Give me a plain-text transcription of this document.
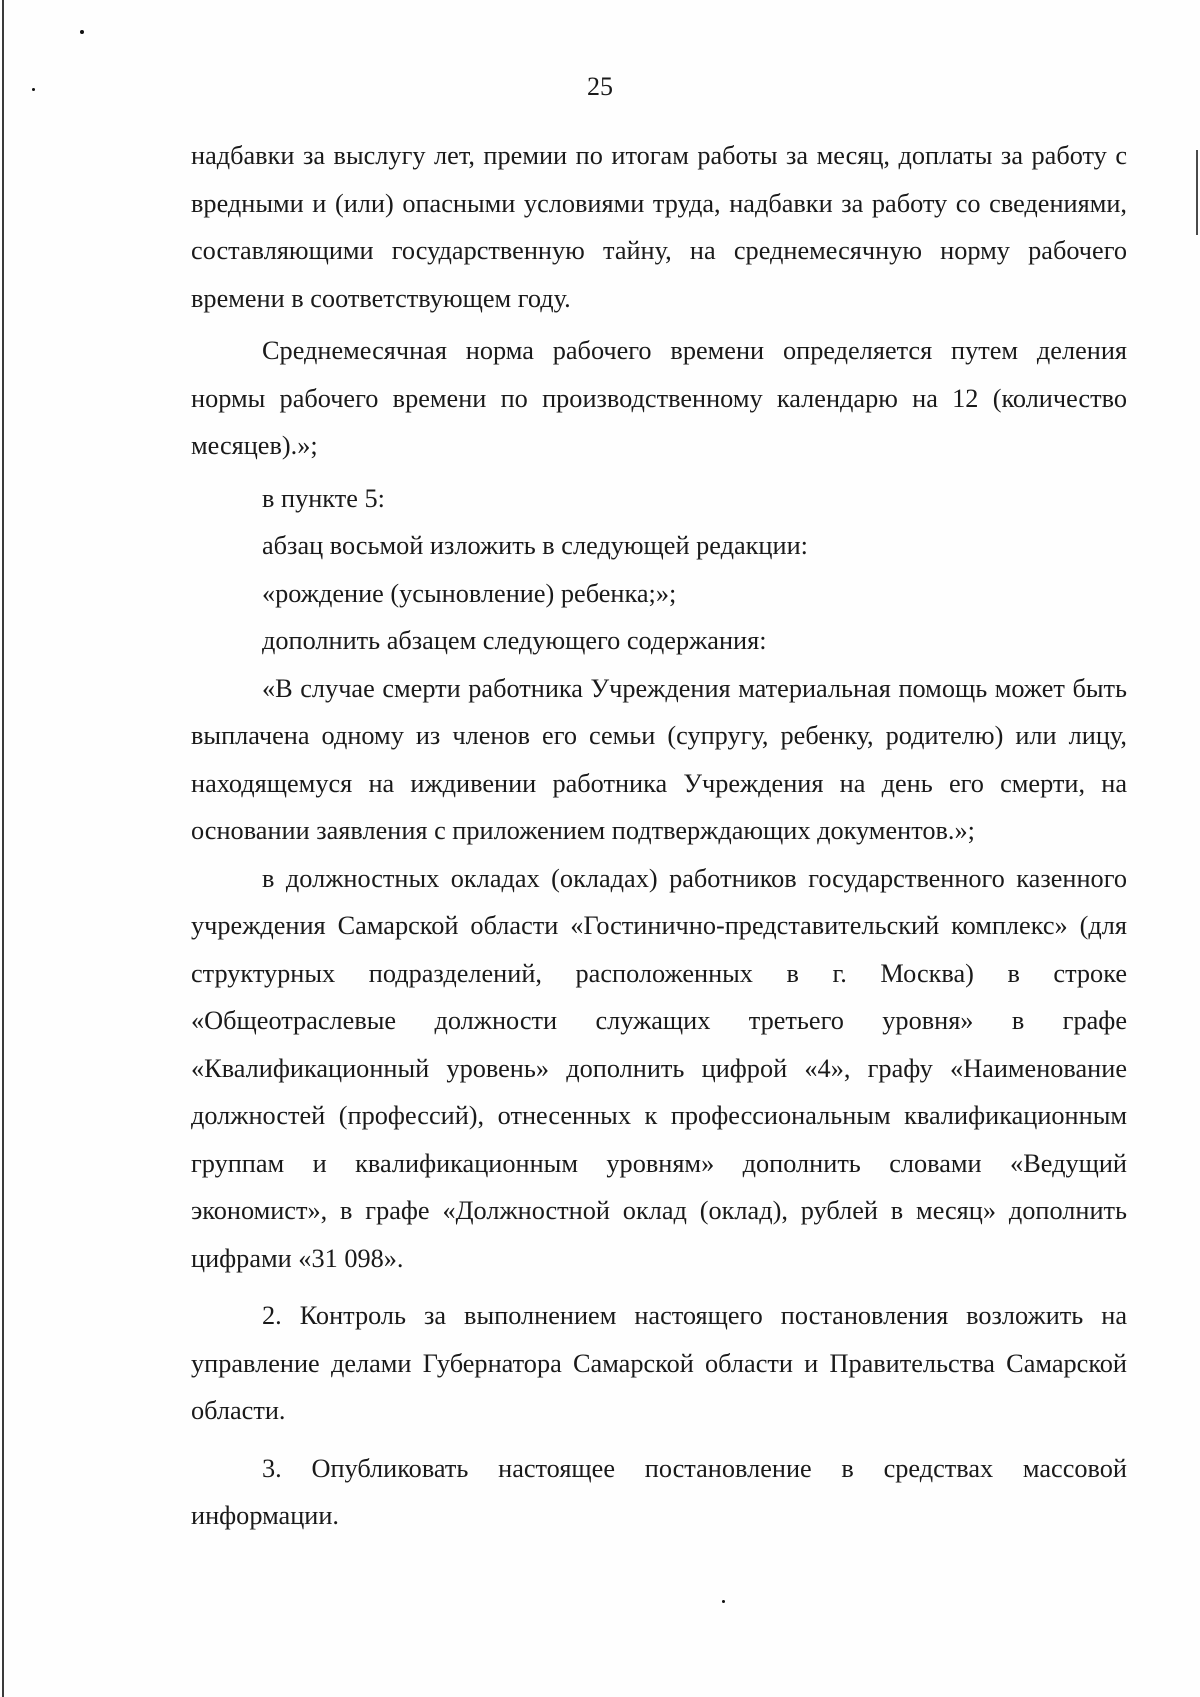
25

надбавки за выслугу лет, премии по итогам работы за месяц, доплаты за работу с вредными и (или) опасными условиями труда, надбавки за работу со сведениями, составляющими государственную тайну, на среднемесячную норму рабочего времени в соответствующем году.

Среднемесячная норма рабочего времени определяется путем деления нормы рабочего времени по производственному календарю на 12 (количество месяцев).»;

в пункте 5:

абзац восьмой изложить в следующей редакции:

«рождение (усыновление) ребенка;»;

дополнить абзацем следующего содержания:

«В случае смерти работника Учреждения материальная помощь может быть выплачена одному из членов его семьи (супругу, ребенку, родителю) или лицу, находящемуся на иждивении работника Учреждения на день его смерти, на основании заявления с приложением подтверждающих документов.»;

в должностных окладах (окладах) работников государственного казенного учреждения Самарской области «Гостинично-представительский комплекс» (для структурных подразделений, расположенных в г. Москва) в строке «Общеотраслевые должности служащих третьего уровня» в графе «Квалификационный уровень» дополнить цифрой «4», графу «Наименование должностей (профессий), отнесенных к профессиональным квалификационным группам и квалификационным уровням» дополнить словами «Ведущий экономист», в графе «Должностной оклад (оклад), рублей в месяц» дополнить цифрами «31 098».

2. Контроль за выполнением настоящего постановления возложить на управление делами Губернатора Самарской области и Правительства Самарской области.

3. Опубликовать настоящее постановление в средствах массовой информации.
